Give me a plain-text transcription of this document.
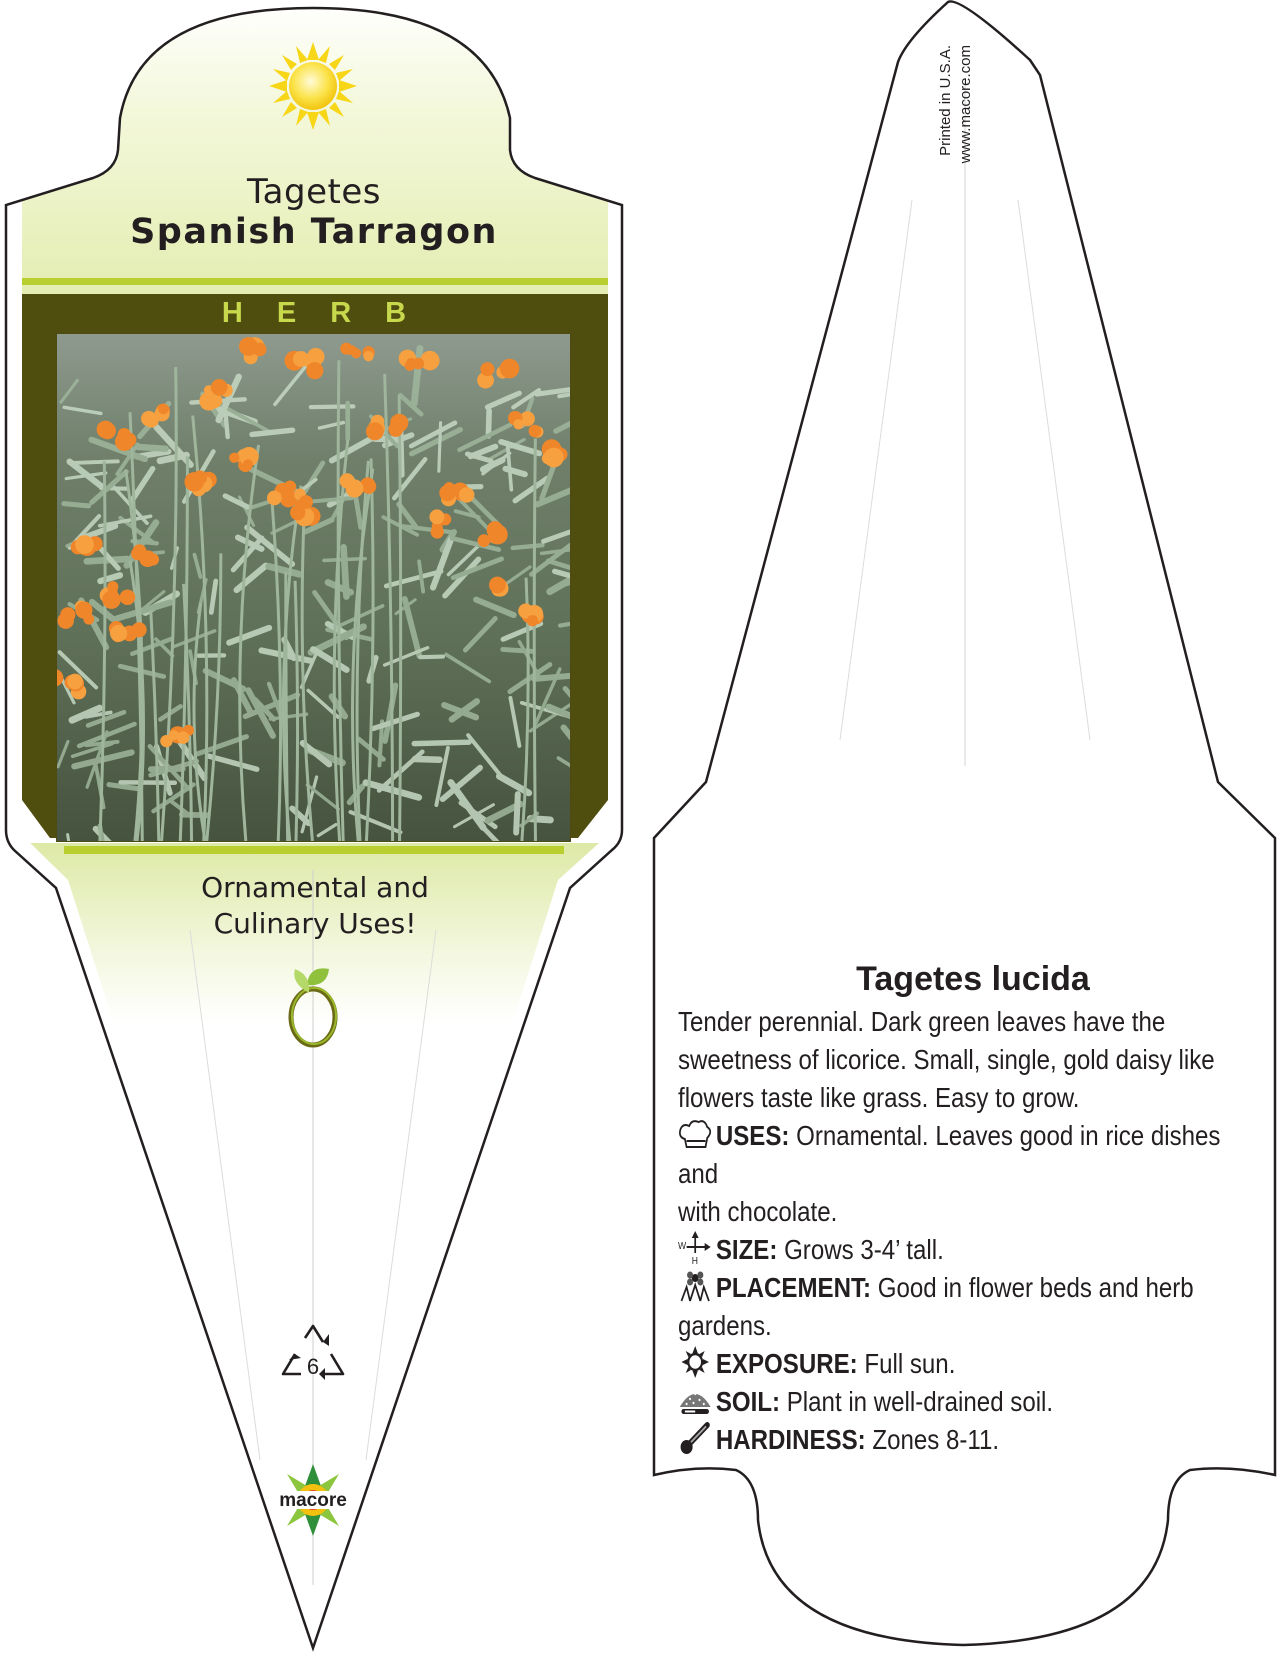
Tagetes
Spanish Tarragon
HERB
Ornamental and
Culinary Uses!
6
macore
Printed in U.S.A. www.macore.com
Tagetes lucida
Tender perennial. Dark green leaves have the
sweetness of licorice. Small, single, gold daisy like
flowers taste like grass. Easy to grow.
USES: Ornamental. Leaves good in rice dishes and
with chocolate.
W
H SIZE: Grows 3-4’ tall.
PLACEMENT: Good in flower beds and herb
gardens.
EXPOSURE: Full sun.
SOIL: Plant in well-drained soil.
HARDINESS: Zones 8-11.
